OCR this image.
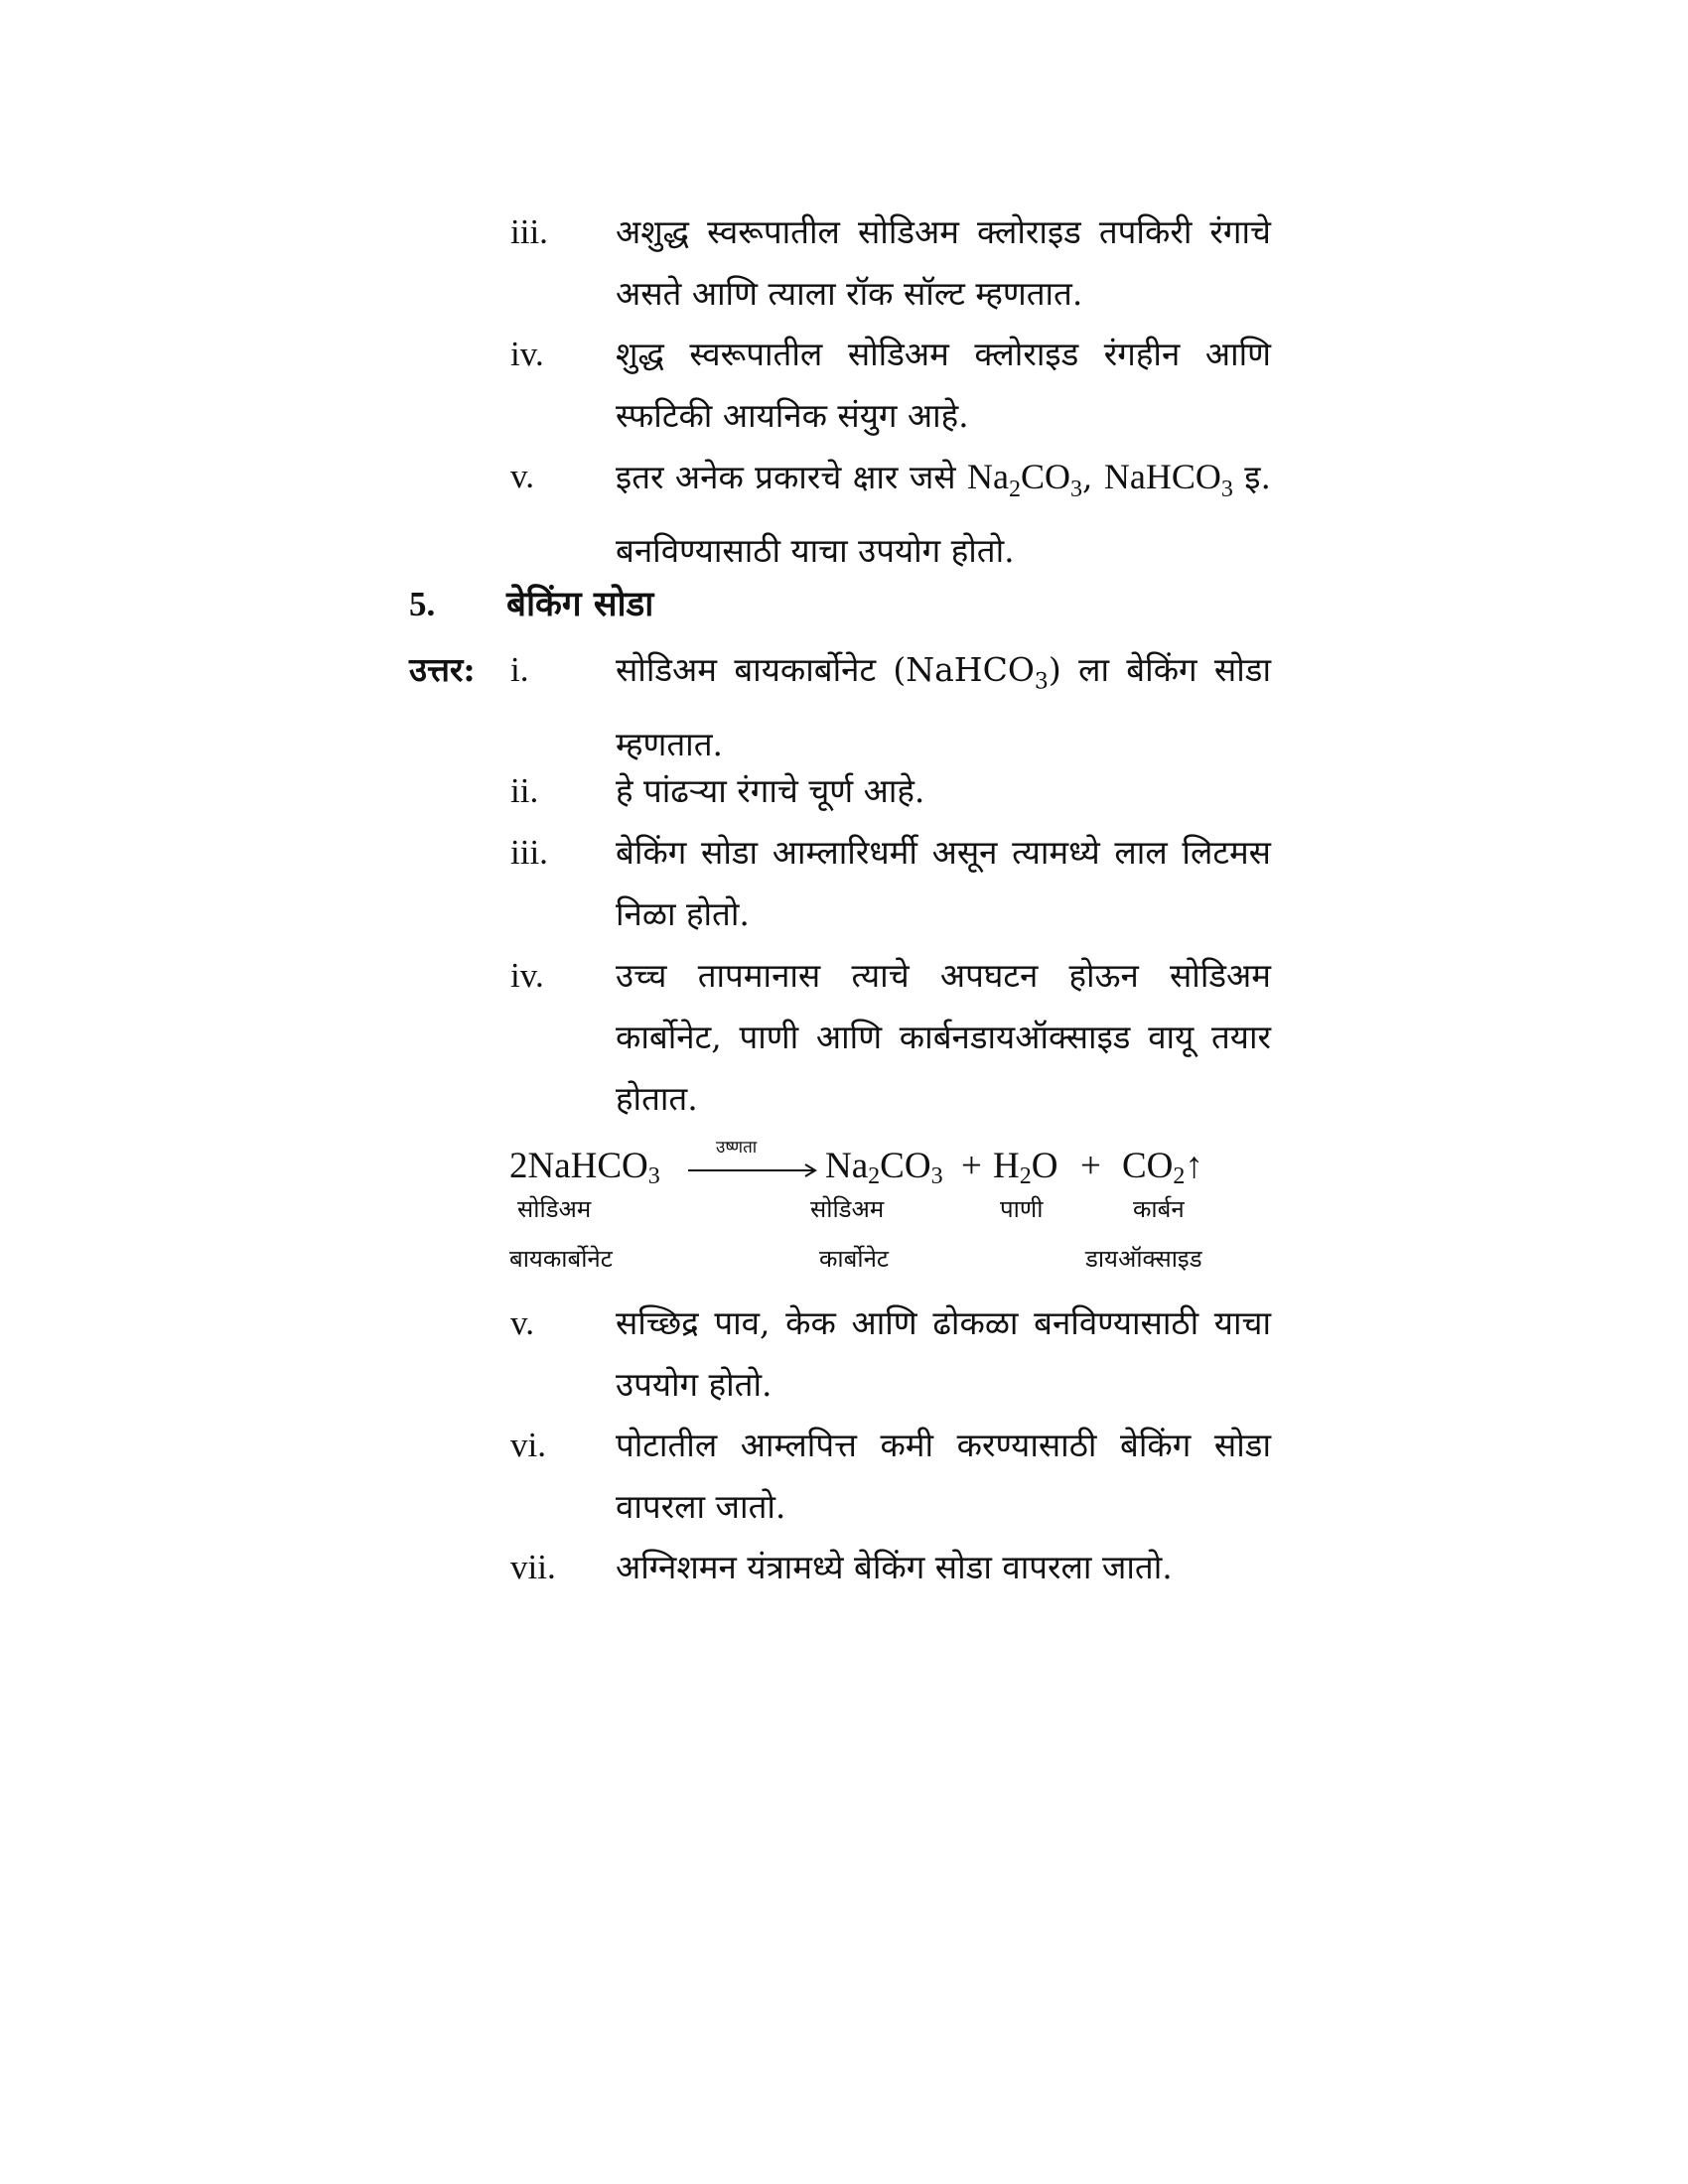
iii.	अशुद्ध स्वरूपातील सोडिअम क्लोराइड तपकिरी रंगाचे असते आणि त्याला रॉक सॉल्ट म्हणतात.
iv.	शुद्ध स्वरूपातील सोडिअम क्लोराइड रंगहीन आणि स्फटिकी आयनिक संयुग आहे.
v.	इतर अनेक प्रकारचे क्षार जसे $Na_2CO_3$, NaHCO$_3$ इ. बनविण्यासाठी याचा उपयोग होतो.
5. बेकिंग सोडा
उत्तर:	i.	सोडिअम बायकार्बोनेट (NaHCO$_3$) ला बेकिंग सोडा म्हणतात.
ii.	हे पांढऱ्या रंगाचे चूर्ण आहे.
iii.	बेकिंग सोडा आम्लारिधर्मी असून त्यामध्ये लाल लिटमस निळा होतो.
iv.	उच्च तापमानास त्याचे अपघटन होऊन सोडिअम कार्बोनेट, पाणी आणि कार्बनडायऑक्साइड वायू तयार होतात.
2NaHCO$_3$
उष्णता $Na_2CO_3 + H_2O$ + $CO_2↑$
सोडिअम
बायकार्बोनेट
सोडिअम
कार्बोनेट
पाणी	कार्बन
डायऑक्साइड
v.	सच्छिद्र पाव, केक आणि ढोकळा बनविण्यासाठी याचा उपयोग होतो.
vi.	पोटातील आम्लपित्त कमी करण्यासाठी बेकिंग सोडा वापरला जातो.
vii.	अग्निशमन यंत्रामध्ये बेकिंग सोडा वापरला जातो.
